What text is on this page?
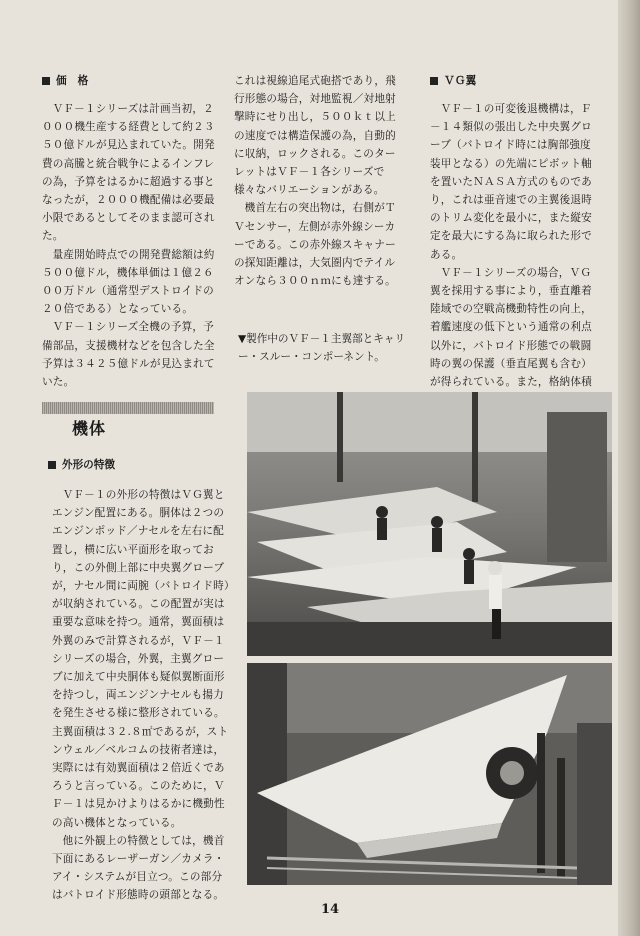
価　格

ＶＦ－１シリーズは計画当初，２０００機生産する経費として約２３５０億ドルが見込まれていた。開発費の高騰と統合戦争によるインフレの為，予算をはるかに超過する事となったが，２０００機配備は必要最小限であるとしてそのまま認可された。

量産開始時点での開発費総額は約５００億ドル，機体単価は１億２６００万ドル（通常型デストロイドの２０倍である）となっている。

ＶＦ－１シリーズ全機の予算，予備部品，支援機材などを包含した全予算は３４２５億ドルが見込まれていた。

これは視線追尾式砲搭であり，飛行形態の場合，対地監視／対地射撃時にせり出し，５００ｋｔ以上の速度では構造保護の為，自動的に収納，ロックされる。このターレットはＶＦ－１各シリーズで様々なバリエーションがある。

機首左右の突出物は，右側がＴＶセンサー，左側が赤外線シーカーである。この赤外線スキャナーの探知距離は，大気圏内でテイルオンなら３００ｎｍにも達する。

▼製作中のＶＦ－１主翼部とキャリー・スルー・コンポーネント。
ＶＧ翼

ＶＦ－１の可変後退機構は，Ｆ－１４類似の張出した中央翼グローブ（バトロイド時には胸部強度装甲となる）の先端にピボット軸を置いたＮＡＳＡ方式のものであり，これは亜音速での主翼後退時のトリム変化を最小に，また縦安定を最大にする為に取られた形である。

ＶＦ－１シリーズの場合，ＶＧ翼を採用する事により，垂直離着陸域での空戦高機動特性の向上，着艦速度の低下という通常の利点以外に，バトロイド形態での戦闘時の翼の保護（垂直尾翼も含む）が得られている。また，格納体積

機体
外形の特徴

ＶＦ－１の外形の特徴はＶＧ翼とエンジン配置にある。胴体は２つのエンジンポッド／ナセルを左右に配置し，横に広い平面形を取っており，この外側上部に中央翼グローブが，ナセル間に両腕（バトロイド時）が収納されている。この配置が実は重要な意味を持つ。通常，翼面積は外翼のみで計算されるが，ＶＦ－１シリーズの場合，外翼，主翼グローブに加えて中央胴体も疑似翼断面形を持つし，両エンジンナセルも揚力を発生させる様に整形されている。主翼面積は３２.８㎡であるが，ストンウェル／ベルコムの技術者達は，実際には有効翼面積は２倍近くであろうと言っている。このために，ＶＦ－１は見かけよりはるかに機動性の高い機体となっている。

他に外観上の特徴としては，機首下面にあるレーザーガン／カメラ・アイ・システムが目立つ。この部分はバトロイド形態時の頭部となる。

14
